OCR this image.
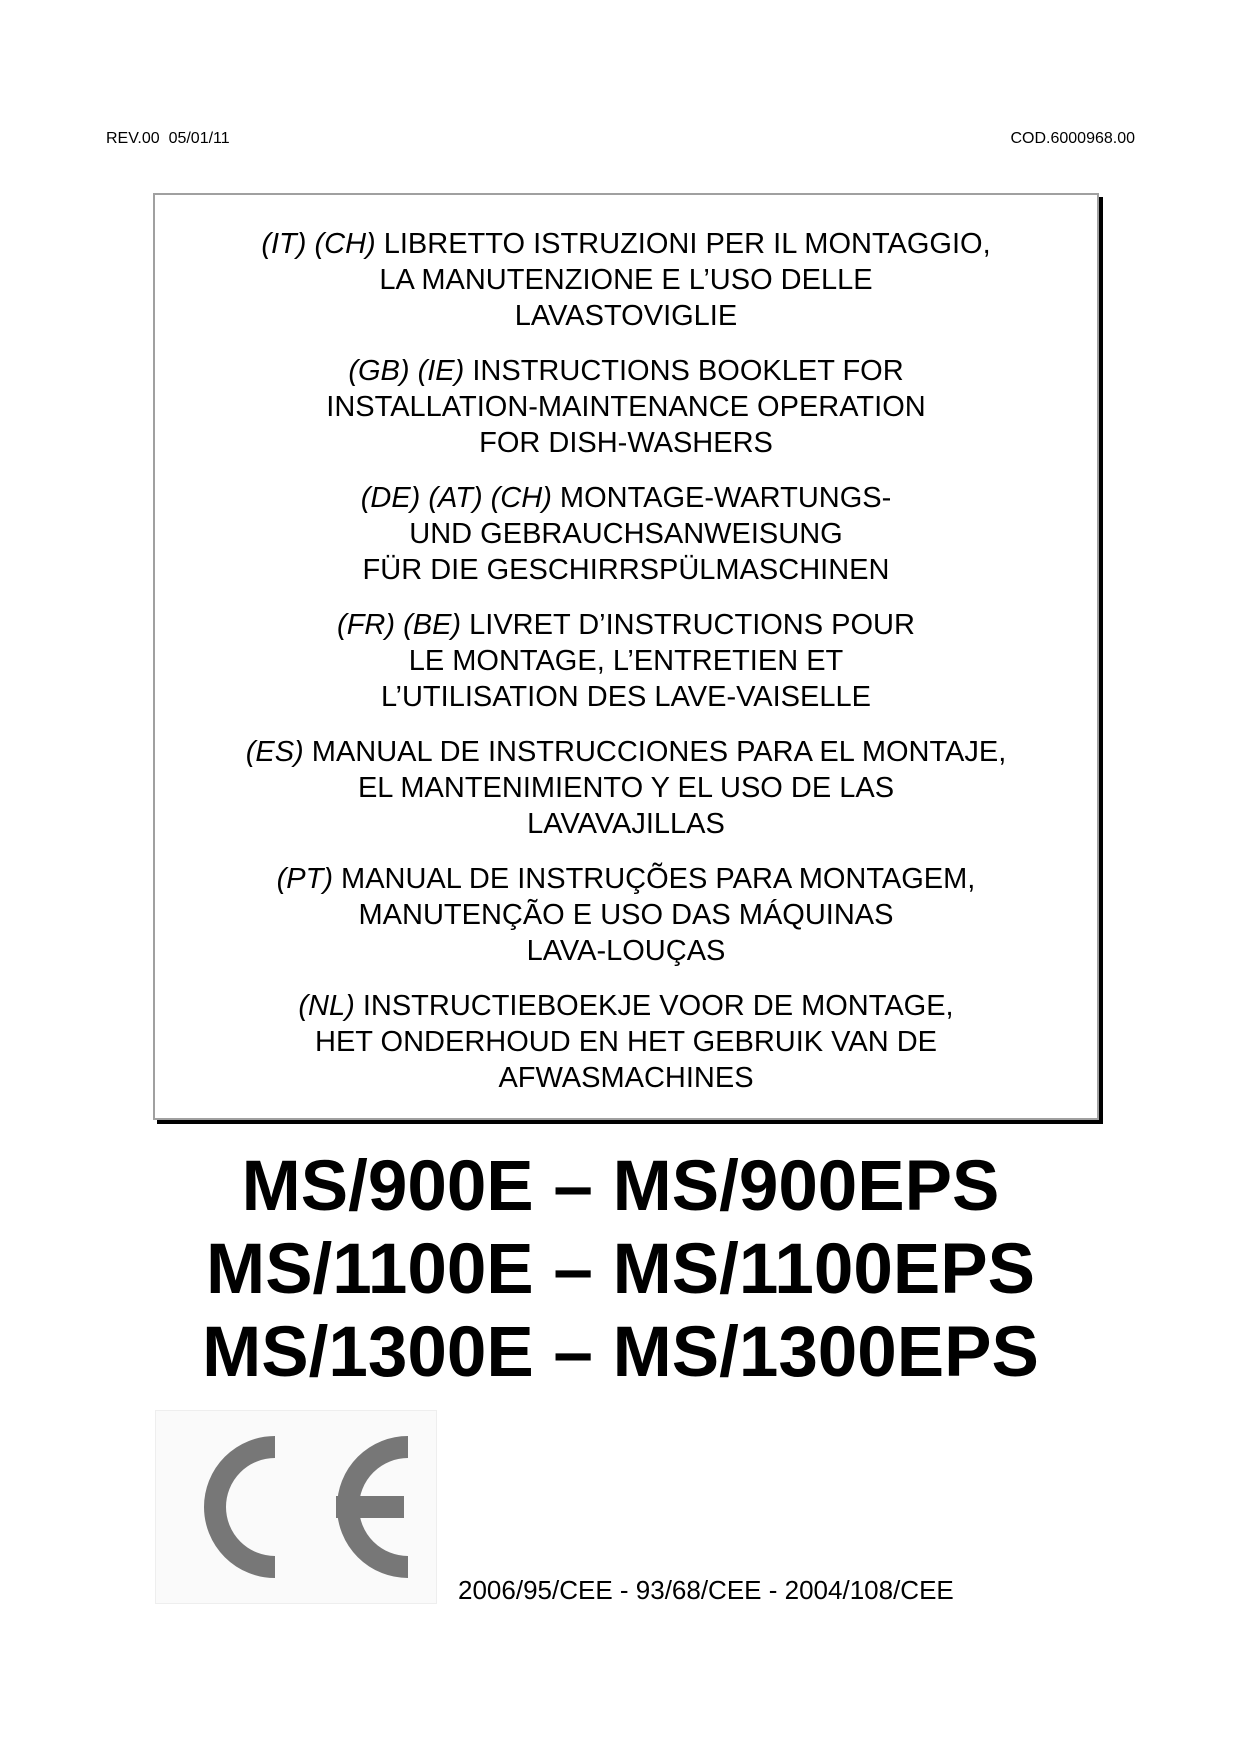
REV.00  05/01/11	COD.6000968.00
(IT) (CH) LIBRETTO ISTRUZIONI PER IL MONTAGGIO,
LA MANUTENZIONE E L’USO DELLE
LAVASTOVIGLIE
(GB) (IE) INSTRUCTIONS BOOKLET FOR
INSTALLATION-MAINTENANCE OPERATION
FOR DISH-WASHERS
(DE) (AT) (CH) MONTAGE-WARTUNGS-
UND GEBRAUCHSANWEISUNG
FÜR DIE GESCHIRRSPÜLMASCHINEN
(FR) (BE) LIVRET D’INSTRUCTIONS POUR
LE MONTAGE, L’ENTRETIEN ET
L’UTILISATION DES LAVE-VAISELLE
(ES) MANUAL DE INSTRUCCIONES PARA EL MONTAJE,
EL MANTENIMIENTO Y EL USO DE LAS
LAVAVAJILLAS
(PT) MANUAL DE INSTRUÇÕES PARA MONTAGEM,
MANUTENÇÃO E USO DAS MÁQUINAS
LAVA-LOUÇAS
(NL) INSTRUCTIEBOEKJE VOOR DE MONTAGE,
HET ONDERHOUD EN HET GEBRUIK VAN DE
AFWASMACHINES
MS/900E – MS/900EPS
MS/1100E – MS/1100EPS
MS/1300E – MS/1300EPS
2006/95/CEE - 93/68/CEE - 2004/108/CEE
